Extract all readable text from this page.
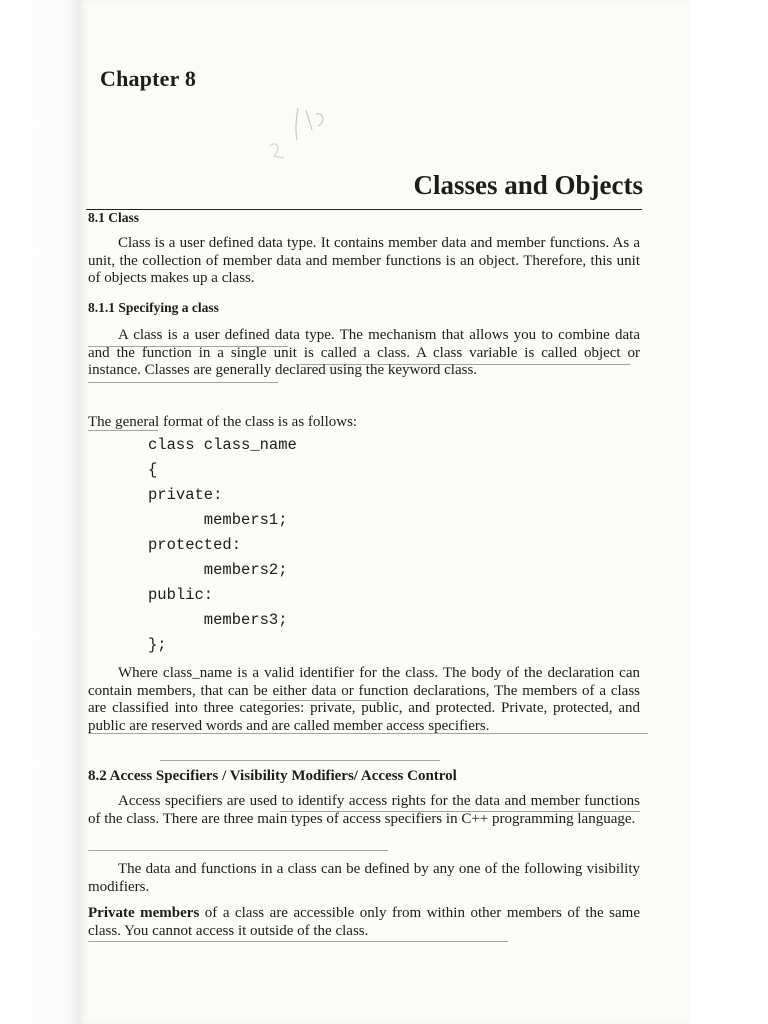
Chapter 8
Classes and Objects
8.1 Class
Class is a user defined data type. It contains member data and member functions. As a unit, the collection of member data and member functions is an object. Therefore, this unit of objects makes up a class.
8.1.1 Specifying a class
A class is a user defined data type. The mechanism that allows you to combine data and the function in a single unit is called a class. A class variable is called object or instance. Classes are generally declared using the keyword class.
The general format of the class is as follows:
class class_name
{
private:
members1;
protected:
members2;
public:
members3;
};
Where class_name is a valid identifier for the class. The body of the declaration can contain members, that can be either data or function declarations, The members of a class are classified into three categories: private, public, and protected. Private, protected, and public are reserved words and are called member access specifiers.
8.2 Access Specifiers / Visibility Modifiers/ Access Control
Access specifiers are used to identify access rights for the data and member functions of the class. There are three main types of access specifiers in C++ programming language.
The data and functions in a class can be defined by any one of the following visibility modifiers.
Private members of a class are accessible only from within other members of the same class. You cannot access it outside of the class.
